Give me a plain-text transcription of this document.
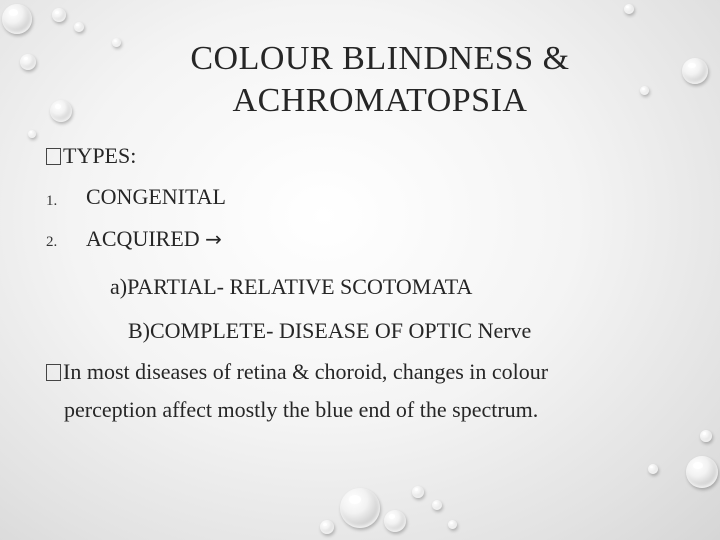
COLOUR BLINDNESS &
ACHROMATOPSIA
TYPES:
1. CONGENITAL
2. ACQUIRED →
a)PARTIAL- RELATIVE SCOTOMATA
B)COMPLETE- DISEASE OF OPTIC Nerve
In most diseases of retina & choroid, changes in colour
perception affect mostly the blue end of the spectrum.
